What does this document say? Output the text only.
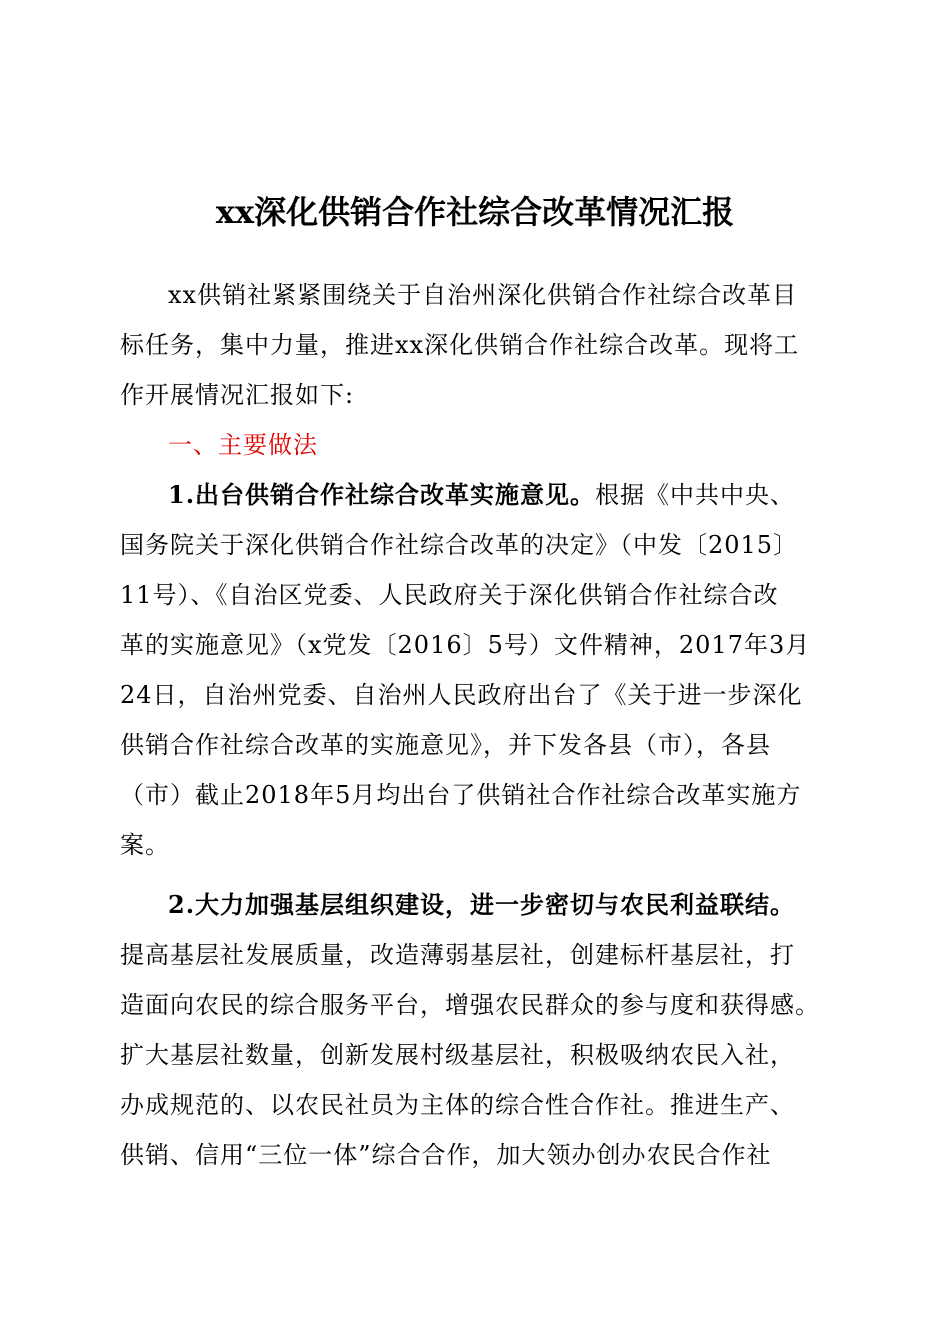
xx深化供销合作社综合改革情况汇报
xx供销社紧紧围绕关于自治州深化供销合作社综合改革目
标任务，集中力量，推进xx深化供销合作社综合改革。现将工
作开展情况汇报如下:
一、主要做法
1.出台供销合作社综合改革实施意见。根据《中共中央、
国务院关于深化供销合作社综合改革的决定》（中发〔2015〕
11号）、《自治区党委、人民政府关于深化供销合作社综合改
革的实施意见》（x党发〔2016〕5号）文件精神，2017年3月
24日，自治州党委、自治州人民政府出台了《关于进一步深化
供销合作社综合改革的实施意见》，并下发各县（市），各县
（市）截止2018年5月均出台了供销社合作社综合改革实施方
案。
2.大力加强基层组织建设，进一步密切与农民利益联结。
提高基层社发展质量，改造薄弱基层社，创建标杆基层社，打
造面向农民的综合服务平台，增强农民群众的参与度和获得感。
扩大基层社数量，创新发展村级基层社，积极吸纳农民入社，
办成规范的、以农民社员为主体的综合性合作社。推进生产、
供销、信用“三位一体”综合合作，加大领办创办农民合作社
